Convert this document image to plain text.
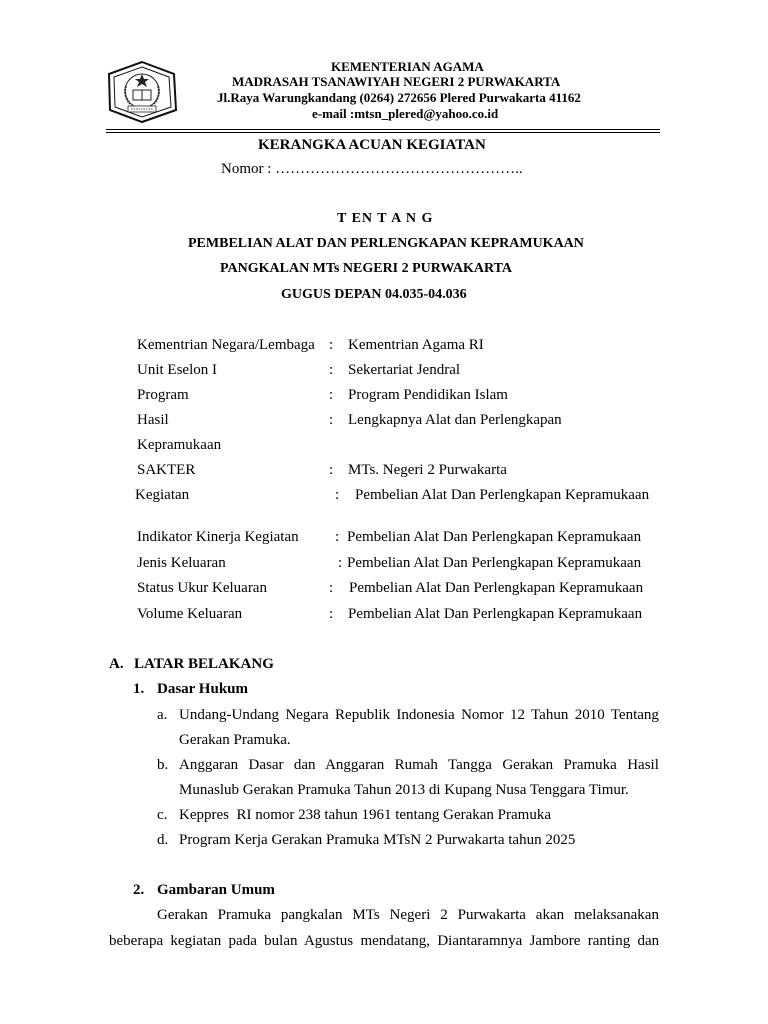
KEMENTERIAN AGAMA
MADRASAH TSANAWIYAH NEGERI 2 PURWAKARTA
Jl.Raya Warungkandang (0264) 272656 Plered Purwakarta 41162
e-mail :mtsn_plered@yahoo.co.id
KERANGKA ACUAN KEGIATAN
Nomor : …………………………………………..
T EN T A N G
PEMBELIAN ALAT DAN PERLENGKAPAN KEPRAMUKAAN
PANGKALAN MTs NEGERI 2 PURWAKARTA
GUGUS DEPAN 04.035-04.036
Kementrian Negara/Lembaga : Kementrian Agama RI
Unit Eselon I	: Sekertariat Jendral
Program	: Program Pendidikan Islam
Hasil	: Lengkapnya Alat dan Perlengkapan
Kepramukaan
SAKTER	: MTs. Negeri 2 Purwakarta
Kegiatan	: Pembelian Alat Dan Perlengkapan Kepramukaan
Indikator Kinerja Kegiatan : Pembelian Alat Dan Perlengkapan Kepramukaan
Jenis Keluaran	: Pembelian Alat Dan Perlengkapan Kepramukaan
Status Ukur Keluaran	: Pembelian Alat Dan Perlengkapan Kepramukaan
Volume Keluaran	: Pembelian Alat Dan Perlengkapan Kepramukaan
A. LATAR BELAKANG
1. Dasar Hukum
a. Undang-Undang Negara Republik Indonesia Nomor 12 Tahun 2010 Tentang
Gerakan Pramuka.
b. Anggaran Dasar dan Anggaran Rumah Tangga Gerakan Pramuka Hasil
Munaslub Gerakan Pramuka Tahun 2013 di Kupang Nusa Tenggara Timur.
c. Keppres  RI nomor 238 tahun 1961 tentang Gerakan Pramuka
d. Program Kerja Gerakan Pramuka MTsN 2 Purwakarta tahun 2025
2. Gambaran Umum
Gerakan Pramuka pangkalan MTs Negeri 2 Purwakarta akan melaksanakan
beberapa kegiatan pada bulan Agustus mendatang, Diantaramnya Jambore ranting dan
